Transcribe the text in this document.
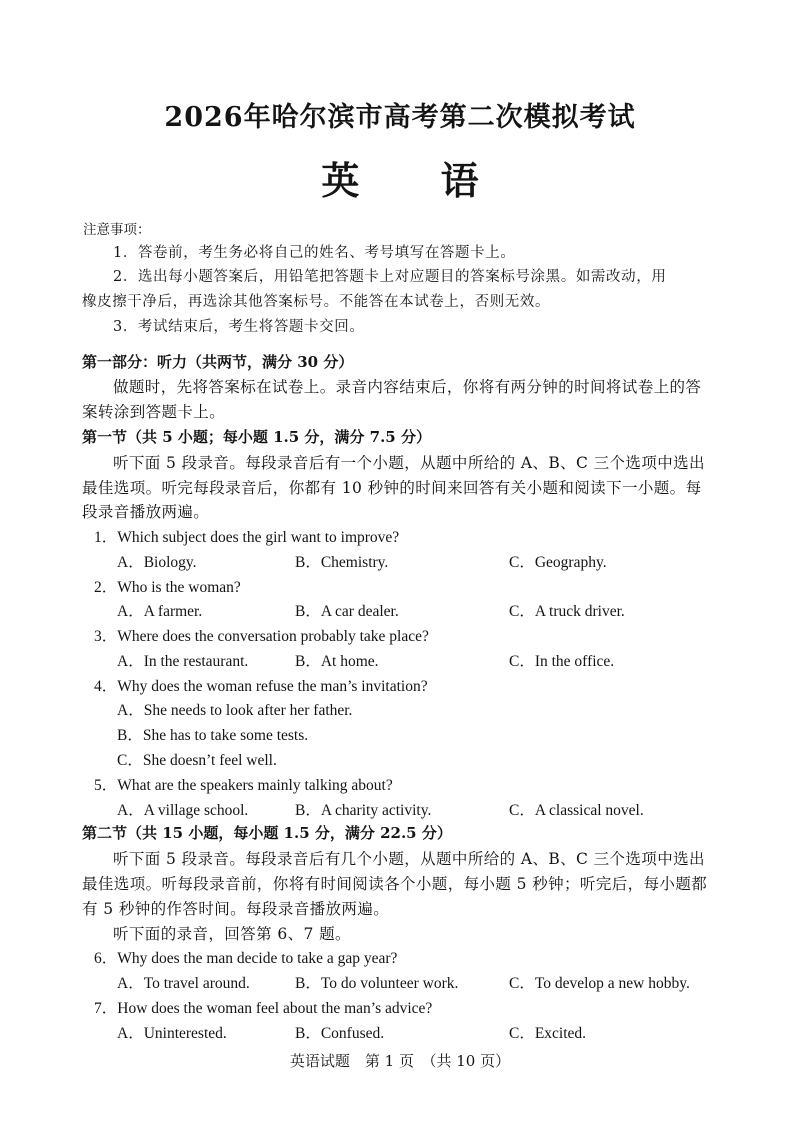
2026年哈尔滨市高考第二次模拟考试
英 语
注意事项：
1．答卷前，考生务必将自己的姓名、考号填写在答题卡上。
2．选出每小题答案后，用铅笔把答题卡上对应题目的答案标号涂黑。如需改动，用
橡皮擦干净后，再选涂其他答案标号。不能答在本试卷上，否则无效。
3．考试结束后，考生将答题卡交回。
第一部分：听力（共两节，满分 30 分）
做题时，先将答案标在试卷上。录音内容结束后，你将有两分钟的时间将试卷上的答
案转涂到答题卡上。
第一节（共 5 小题；每小题 1.5 分，满分 7.5 分）
听下面 5 段录音。每段录音后有一个小题，从题中所给的 A、B、C 三个选项中选出
最佳选项。听完每段录音后，你都有 10 秒钟的时间来回答有关小题和阅读下一小题。每
段录音播放两遍。
1．Which subject does the girl want to improve?
A．Biology.	B．Chemistry.	C．Geography.
2．Who is the woman?
A．A farmer.	B．A car dealer.	C．A truck driver.
3．Where does the conversation probably take place?
A．In the restaurant.	B．At home.	C．In the office.
4．Why does the woman refuse the man’s invitation?
A．She needs to look after her father.
B．She has to take some tests.
C．She doesn’t feel well.
5．What are the speakers mainly talking about?
A．A village school.	B．A charity activity.	C．A classical novel.
第二节（共 15 小题，每小题 1.5 分，满分 22.5 分）
听下面 5 段录音。每段录音后有几个小题，从题中所给的 A、B、C 三个选项中选出
最佳选项。听每段录音前，你将有时间阅读各个小题，每小题 5 秒钟；听完后，每小题都
有 5 秒钟的作答时间。每段录音播放两遍。
听下面的录音，回答第 6、7 题。
6．Why does the man decide to take a gap year?
A．To travel around.	B．To do volunteer work.	C．To develop a new hobby.
7．How does the woman feel about the man’s advice?
A．Uninterested.	B．Confused.	C．Excited.
英语试题　第 1 页　（共 10 页）
